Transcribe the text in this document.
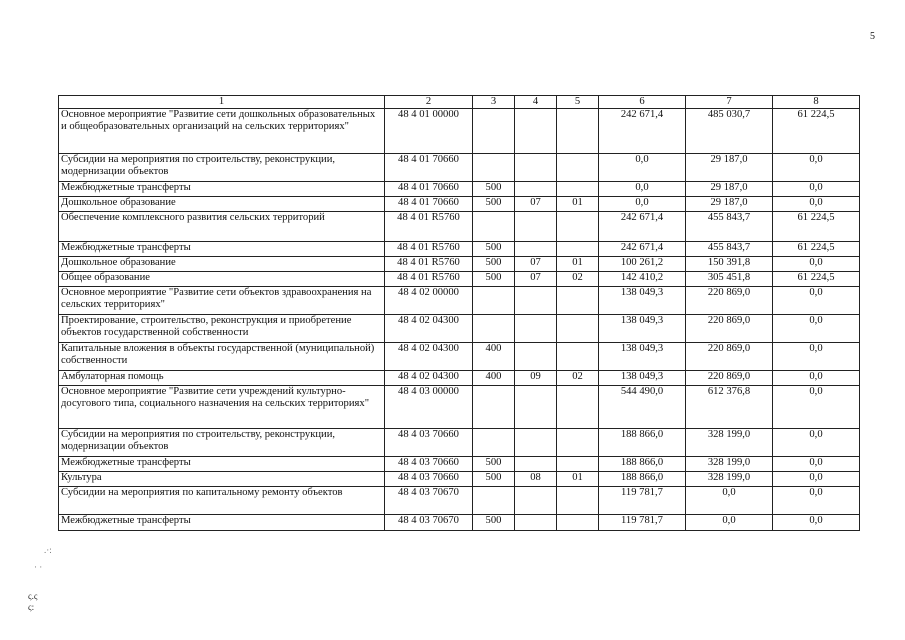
5
1	2	3	4	5	6	7	8
Основное мероприятие "Развитие сети дошкольных образовательных и общеобразовательных организаций на сельских территориях"	48 4 01 00000				242 671,4	485 030,7	61 224,5
Субсидии на мероприятия по строительству, реконструкции, модернизации объектов	48 4 01 70660				0,0	29 187,0	0,0
Межбюджетные трансферты	48 4 01 70660	500			0,0	29 187,0	0,0
Дошкольное образование	48 4 01 70660	500	07	01	0,0	29 187,0	0,0
Обеспечение комплексного развития сельских территорий	48 4 01 R5760				242 671,4	455 843,7	61 224,5
Межбюджетные трансферты	48 4 01 R5760	500			242 671,4	455 843,7	61 224,5
Дошкольное образование	48 4 01 R5760	500	07	01	100 261,2	150 391,8	0,0
Общее образование	48 4 01 R5760	500	07	02	142 410,2	305 451,8	61 224,5
Основное мероприятие "Развитие сети объектов здравоохранения на сельских территориях"	48 4 02 00000				138 049,3	220 869,0	0,0
Проектирование, строительство, реконструкция и приобретение объектов государственной собственности	48 4 02 04300				138 049,3	220 869,0	0,0
Капитальные вложения в объекты государственной (муниципальной) собственности	48 4 02 04300	400			138 049,3	220 869,0	0,0
Амбулаторная помощь	48 4 02 04300	400	09	02	138 049,3	220 869,0	0,0
Основное мероприятие "Развитие сети учреждений культурно-досугового типа, социального назначения на сельских территориях"	48 4 03 00000				544 490,0	612 376,8	0,0
Субсидии на мероприятия по строительству, реконструкции, модернизации объектов	48 4 03 70660				188 866,0	328 199,0	0,0
Межбюджетные трансферты	48 4 03 70660	500			188 866,0	328 199,0	0,0
Культура	48 4 03 70660	500	08	01	188 866,0	328 199,0	0,0
Субсидии на мероприятия по капитальному ремонту объектов	48 4 03 70670				119 781,7	0,0	0,0
Межбюджетные трансферты	48 4 03 70670	500			119 781,7	0,0	0,0
.·:
· ·
ς.ς
ς:
